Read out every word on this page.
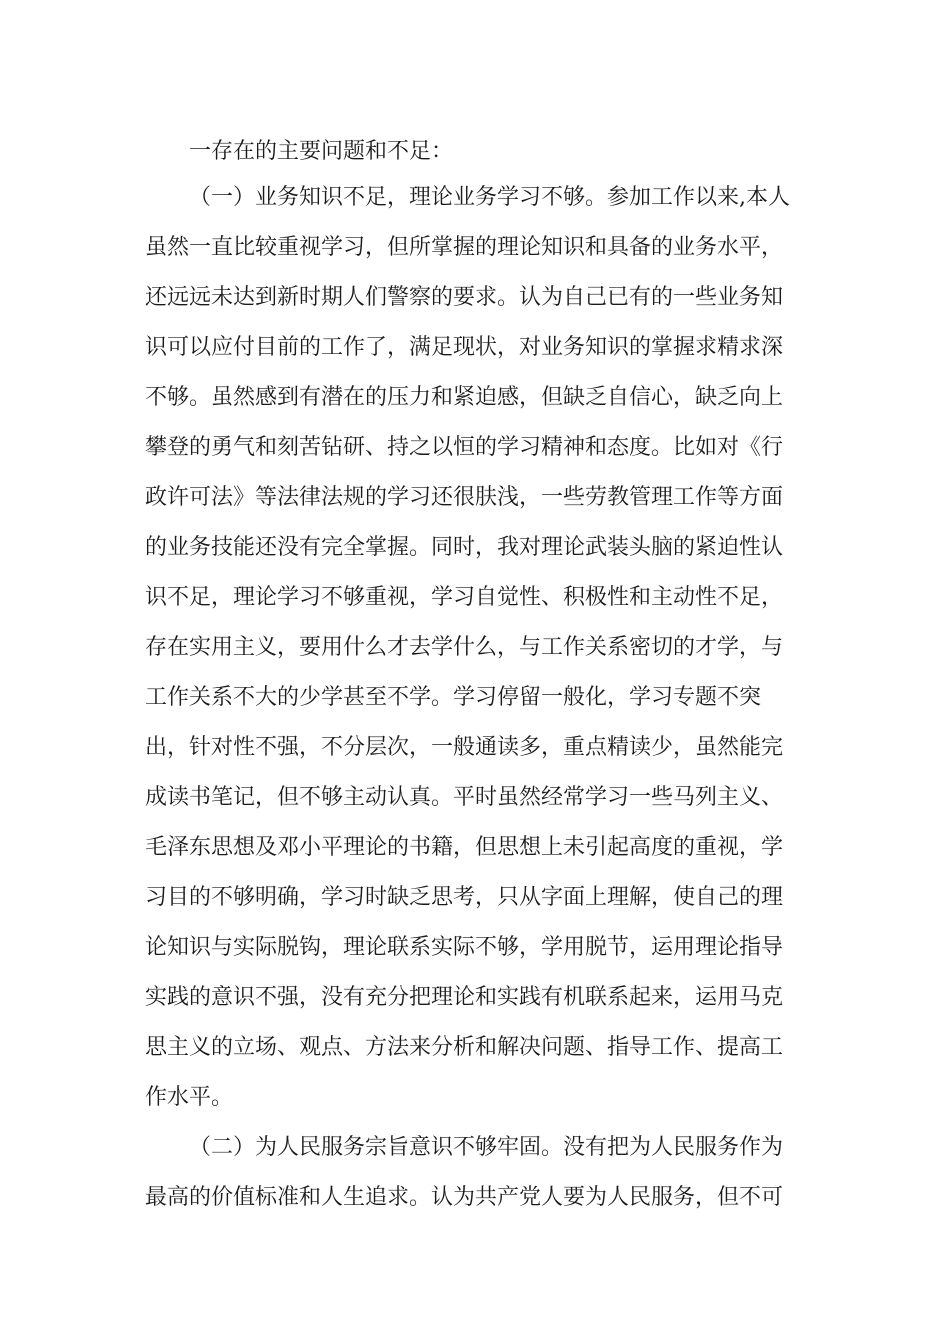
一存在的主要问题和不足：
（一）业务知识不足，理论业务学习不够。参加工作以来,本人
虽然一直比较重视学习，但所掌握的理论知识和具备的业务水平，
还远远未达到新时期人们警察的要求。认为自己已有的一些业务知
识可以应付目前的工作了，满足现状，对业务知识的掌握求精求深
不够。虽然感到有潜在的压力和紧迫感，但缺乏自信心，缺乏向上
攀登的勇气和刻苦钻研、持之以恒的学习精神和态度。比如对《行
政许可法》等法律法规的学习还很肤浅，一些劳教管理工作等方面
的业务技能还没有完全掌握。同时，我对理论武装头脑的紧迫性认
识不足，理论学习不够重视，学习自觉性、积极性和主动性不足，
存在实用主义，要用什么才去学什么，与工作关系密切的才学，与
工作关系不大的少学甚至不学。学习停留一般化，学习专题不突
出，针对性不强，不分层次，一般通读多，重点精读少，虽然能完
成读书笔记，但不够主动认真。平时虽然经常学习一些马列主义、
毛泽东思想及邓小平理论的书籍，但思想上未引起高度的重视，学
习目的不够明确，学习时缺乏思考，只从字面上理解，使自己的理
论知识与实际脱钩，理论联系实际不够，学用脱节，运用理论指导
实践的意识不强，没有充分把理论和实践有机联系起来，运用马克
思主义的立场、观点、方法来分析和解决问题、指导工作、提高工
作水平。
（二）为人民服务宗旨意识不够牢固。没有把为人民服务作为
最高的价值标准和人生追求。认为共产党人要为人民服务，但不可
